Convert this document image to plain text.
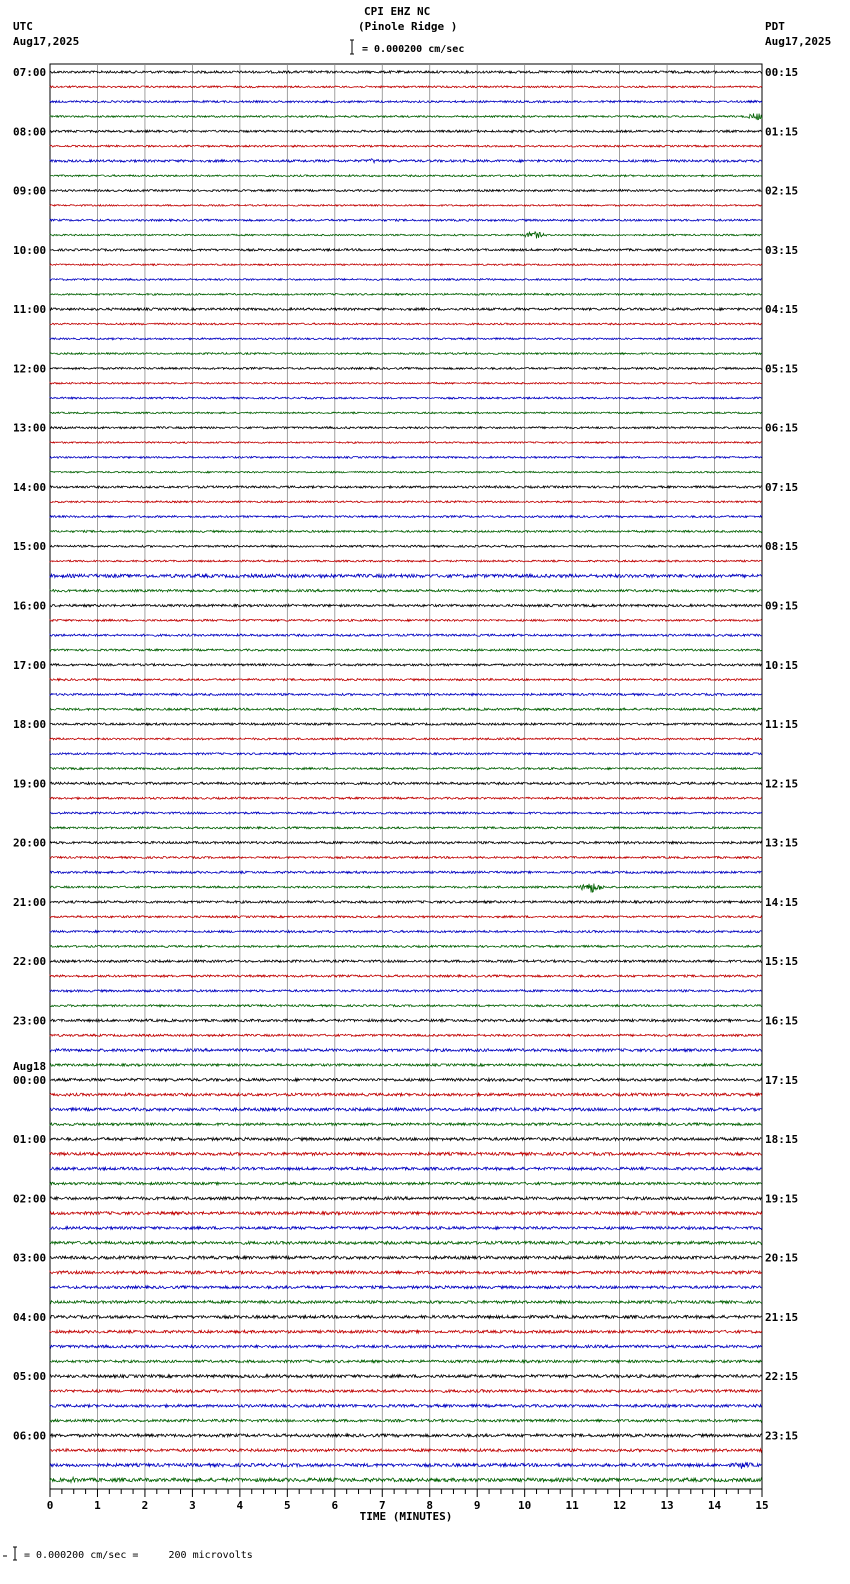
CPI EHZ NC
(Pinole Ridge )
= 0.000200 cm/sec
UTC
Aug17,2025
PDT
Aug17,2025
= 0.000200 cm/sec =     200 microvolts
07:00
08:00
09:00
10:00
11:00
12:00
13:00
14:00
15:00
16:00
17:00
18:00
19:00
20:00
21:00
22:00
23:00
00:00
01:00
02:00
03:00
04:00
05:00
06:00
00:15
01:15
02:15
03:15
04:15
05:15
06:15
07:15
08:15
09:15
10:15
11:15
12:15
13:15
14:15
15:15
16:15
17:15
18:15
19:15
20:15
21:15
22:15
23:15
Aug18
0	1	2	3	4	5	6	7	8	9	10	11	12	13	14	15
TIME (MINUTES)
